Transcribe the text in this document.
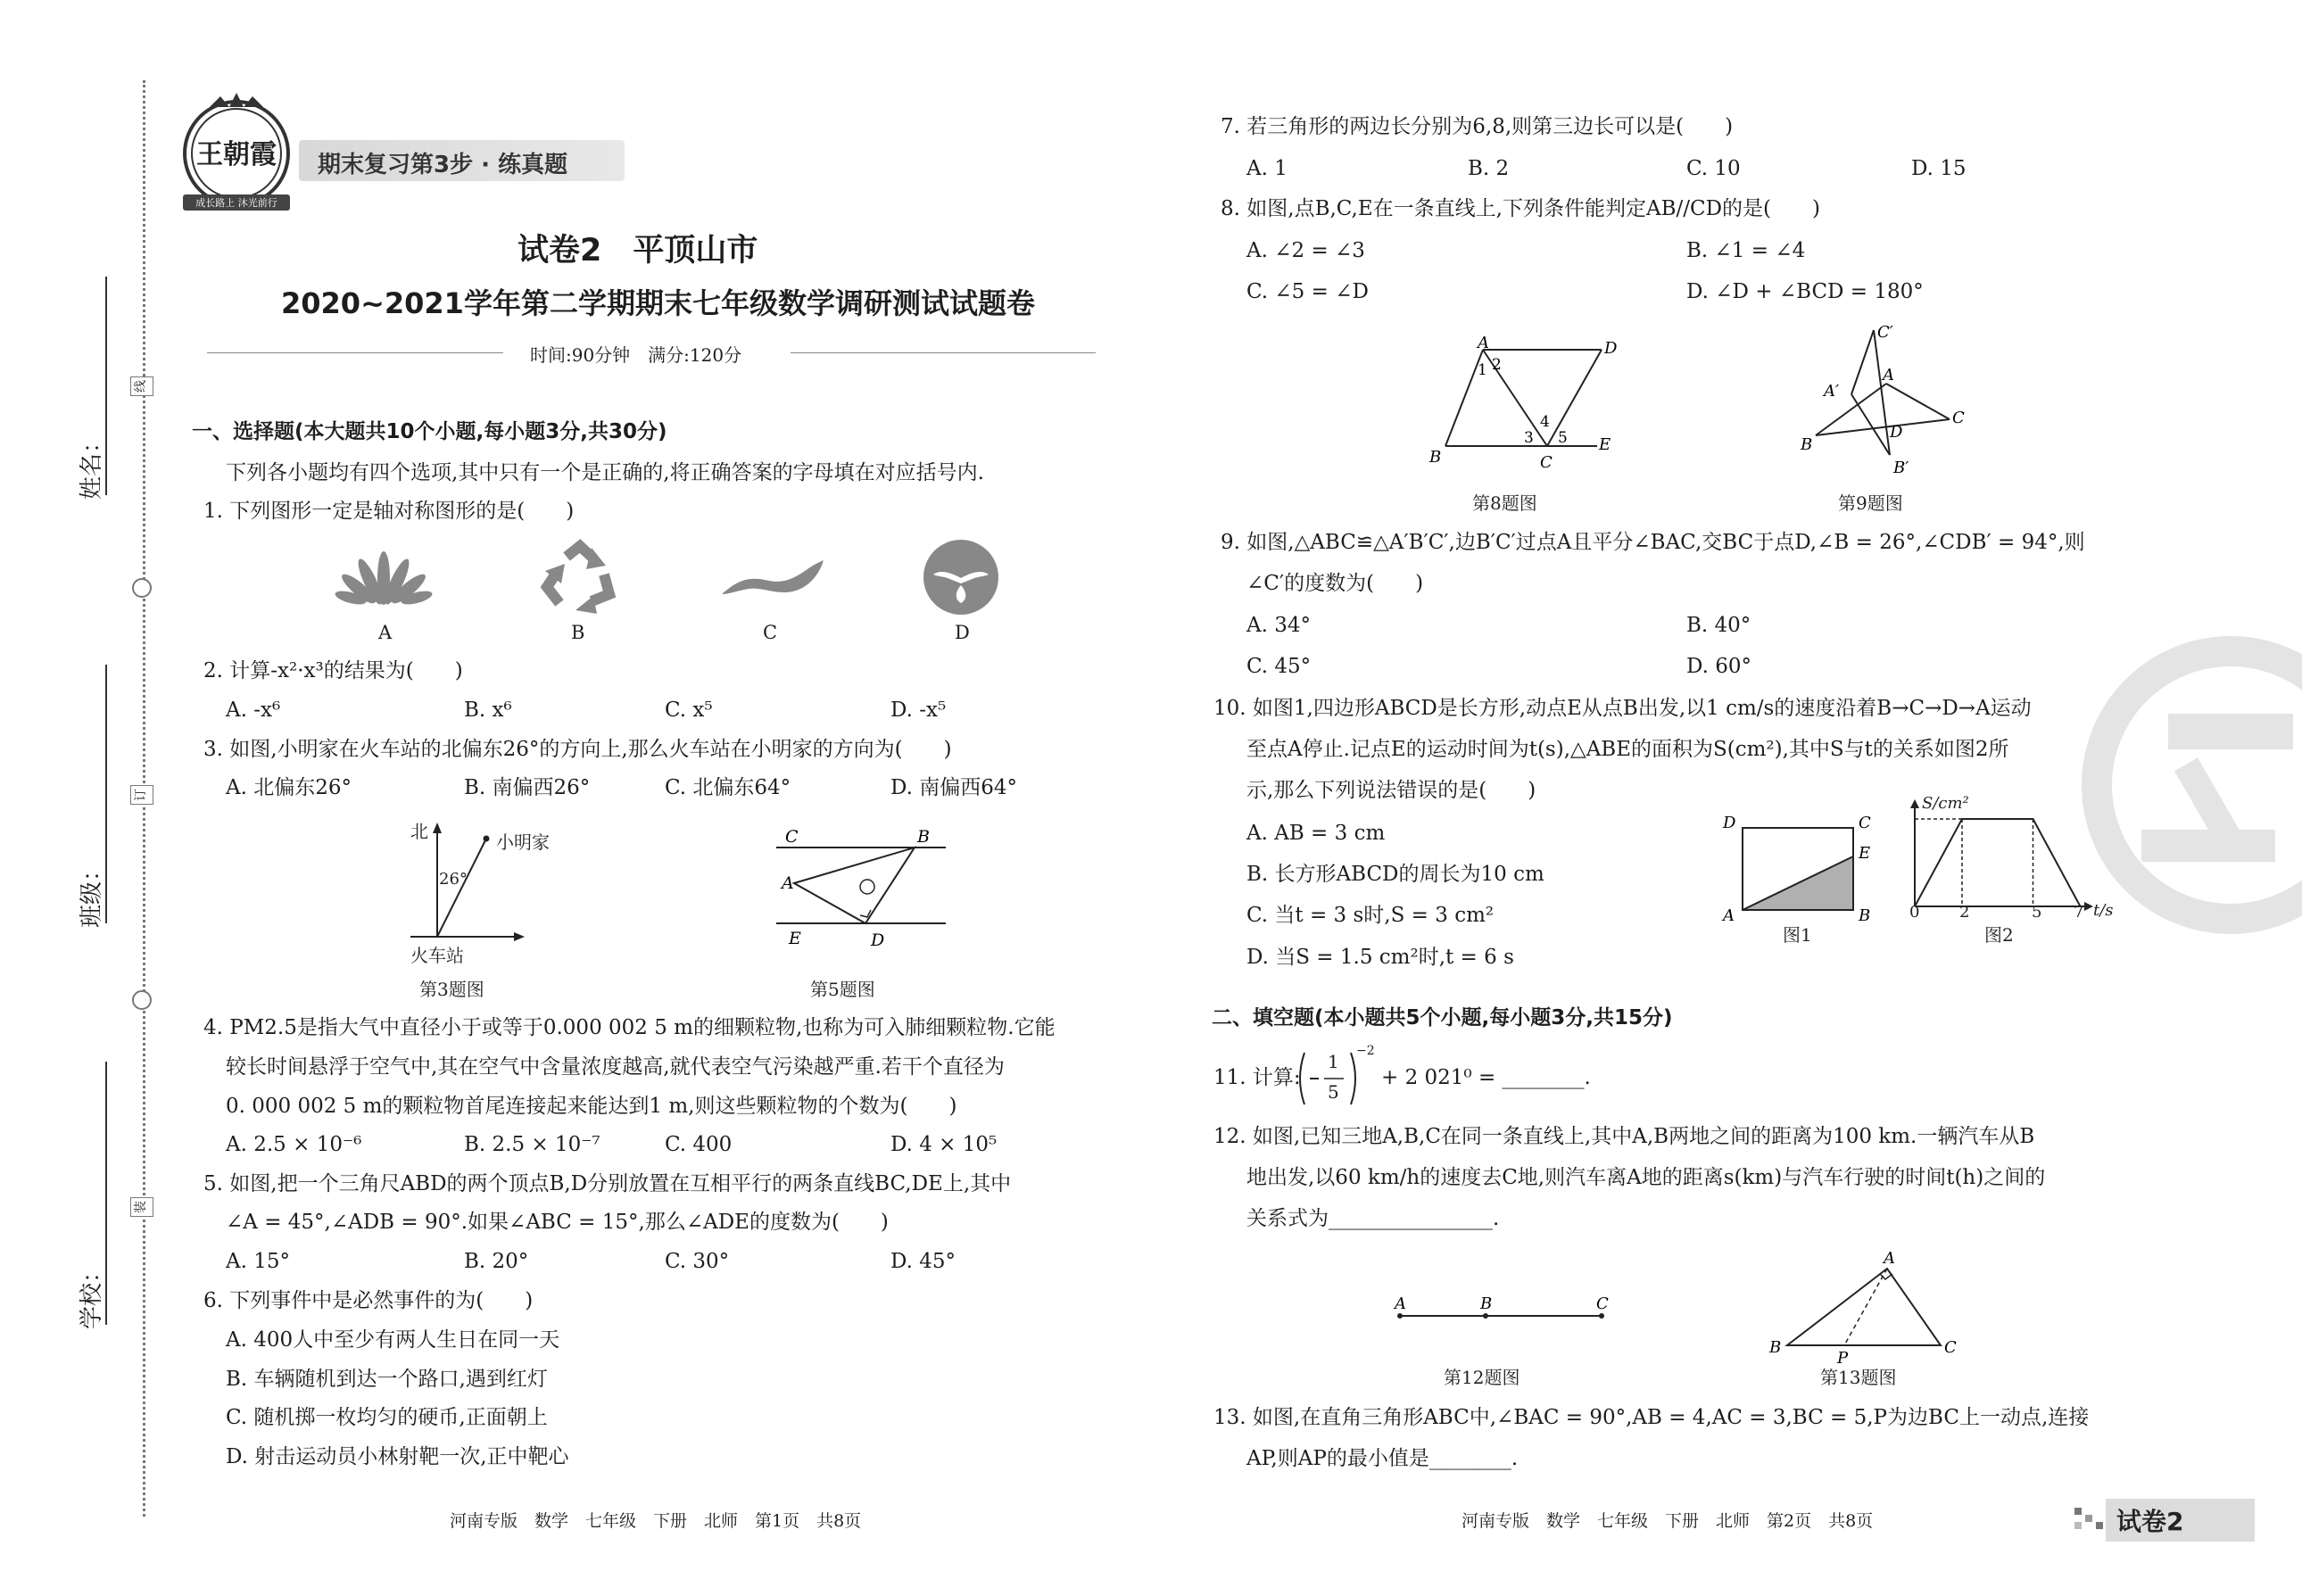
线
订
装
姓名：
班级：
学校：
王朝霞
成长路上 沐光前行
期末复习第3步 · 练真题
试卷2　平顶山市
2020~2021学年第二学期期末七年级数学调研测试试题卷
时间:90分钟　满分:120分
一、选择题(本大题共10个小题,每小题3分,共30分)
下列各小题均有四个选项,其中只有一个是正确的,将正确答案的字母填在对应括号内.
1. 下列图形一定是轴对称图形的是(　　)
A	B	C	D
2. 计算-x²·x³的结果为(　　)
A. -x⁶	B. x⁶	C. x⁵	D. -x⁵
3. 如图,小明家在火车站的北偏东26°的方向上,那么火车站在小明家的方向为(　　)
A. 北偏东26°	B. 南偏西26°	C. 北偏东64°	D. 南偏西64°
北
26°
小明家
火车站
第3题图
C	B
A
E	D
第5题图
4. PM2.5是指大气中直径小于或等于0.000 002 5 m的细颗粒物,也称为可入肺细颗粒物.它能
较长时间悬浮于空气中,其在空气中含量浓度越高,就代表空气污染越严重.若干个直径为
0. 000 002 5 m的颗粒物首尾连接起来能达到1 m,则这些颗粒物的个数为(　　)
A. 2.5 × 10⁻⁶	B. 2.5 × 10⁻⁷	C. 400	D. 4 × 10⁵
5. 如图,把一个三角尺ABD的两个顶点B,D分别放置在互相平行的两条直线BC,DE上,其中
∠A = 45°,∠ADB = 90°.如果∠ABC = 15°,那么∠ADE的度数为(　　)
A. 15°	B. 20°	C. 30°	D. 45°
6. 下列事件中是必然事件的为(　　)
A. 400人中至少有两人生日在同一天
B. 车辆随机到达一个路口,遇到红灯
C. 随机掷一枚均匀的硬币,正面朝上
D. 射击运动员小林射靶一次,正中靶心
河南专版　数学　七年级　下册　北师　第1页　共8页
7. 若三角形的两边长分别为6,8,则第三边长可以是(　　)
A. 1	B. 2	C. 10	D. 15
8. 如图,点B,C,E在一条直线上,下列条件能判定AB//CD的是(　　)
A. ∠2 = ∠3	B. ∠1 = ∠4
C. ∠5 = ∠D	D. ∠D + ∠BCD = 180°
A	D
B	C
E
1 2
3
4
5
第8题图
C′
A′
A
C
B
D
B′
第9题图
9. 如图,△ABC≌△A′B′C′,边B′C′过点A且平分∠BAC,交BC于点D,∠B = 26°,∠CDB′ = 94°,则
∠C′的度数为(　　)
A. 34°	B. 40°
C. 45°	D. 60°
10. 如图1,四边形ABCD是长方形,动点E从点B出发,以1 cm/s的速度沿着B→C→D→A运动
至点A停止.记点E的运动时间为t(s),△ABE的面积为S(cm²),其中S与t的关系如图2所
示,那么下列说法错误的是(　　)
A. AB = 3 cm
B. 长方形ABCD的周长为10 cm
C. 当t = 3 s时,S = 3 cm²
D. 当S = 1.5 cm²时,t = 6 s
D	C
E
A	B
图1
S/cm²
t/s
0 2	5 7
图2
二、填空题(本小题共5个小题,每小题3分,共15分)
11. 计算:
1
5
−2
+ 2 021⁰ = ________.
12. 如图,已知三地A,B,C在同一条直线上,其中A,B两地之间的距离为100 km.一辆汽车从B
地出发,以60 km/h的速度去C地,则汽车离A地的距离s(km)与汽车行驶的时间t(h)之间的
关系式为________________.
A	B	C
第12题图
A
B	C
P
第13题图
13. 如图,在直角三角形ABC中,∠BAC = 90°,AB = 4,AC = 3,BC = 5,P为边BC上一动点,连接
AP,则AP的最小值是________.
河南专版　数学　七年级　下册　北师　第2页　共8页	试卷2
